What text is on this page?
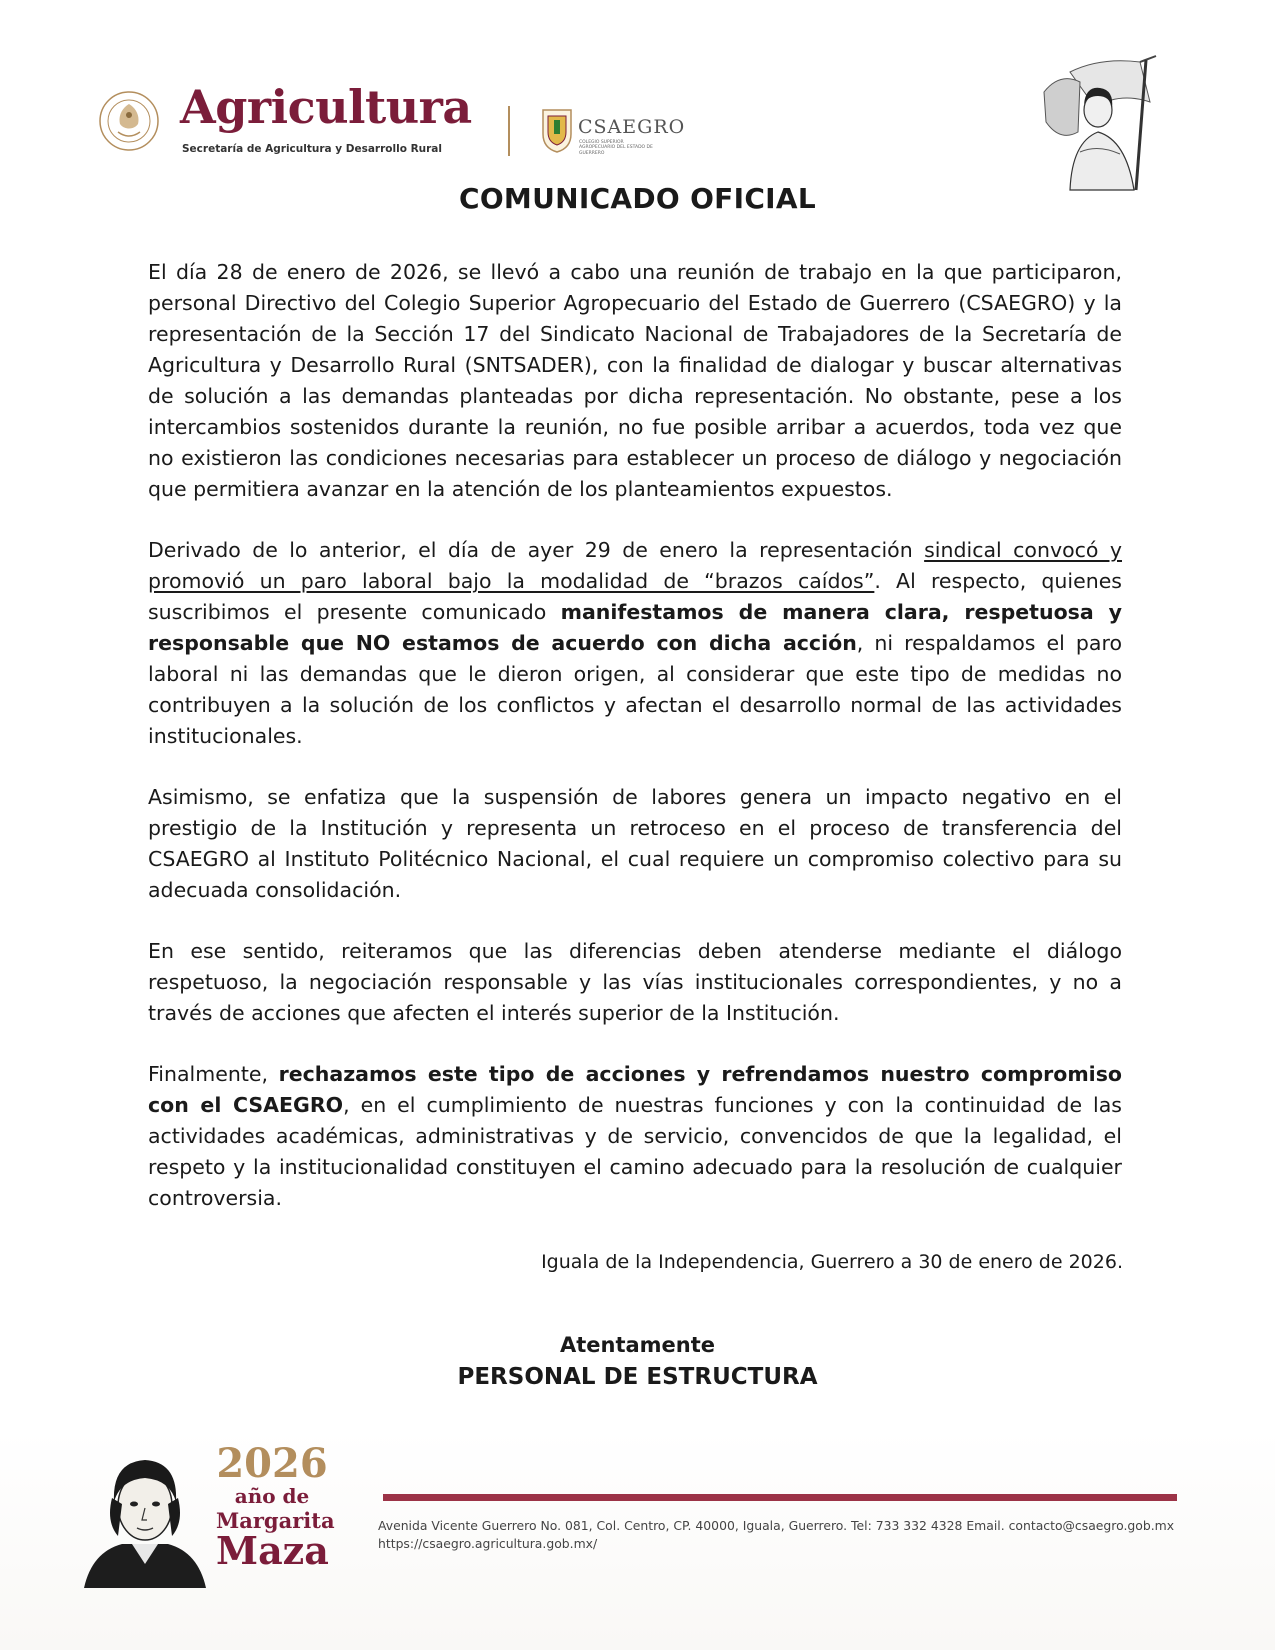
Agricultura
Secretaría de Agricultura y Desarrollo Rural
CSAEGRO
COLEGIO SUPERIOR AGROPECUARIO DEL ESTADO DE GUERRERO
COMUNICADO OFICIAL

El día 28 de enero de 2026, se llevó a cabo una reunión de trabajo en la que participaron, personal Directivo del Colegio Superior Agropecuario del Estado de Guerrero (CSAEGRO) y la representación de la Sección 17 del Sindicato Nacional de Trabajadores de la Secretaría de Agricultura y Desarrollo Rural (SNTSADER), con la finalidad de dialogar y buscar alternativas de solución a las demandas planteadas por dicha representación. No obstante, pese a los intercambios sostenidos durante la reunión, no fue posible arribar a acuerdos, toda vez que no existieron las condiciones necesarias para establecer un proceso de diálogo y negociación que permitiera avanzar en la atención de los planteamientos expuestos.

Derivado de lo anterior, el día de ayer 29 de enero la representación sindical convocó y promovió un paro laboral bajo la modalidad de “brazos caídos”. Al respecto, quienes suscribimos el presente comunicado manifestamos de manera clara, respetuosa y responsable que NO estamos de acuerdo con dicha acción, ni respaldamos el paro laboral ni las demandas que le dieron origen, al considerar que este tipo de medidas no contribuyen a la solución de los conflictos y afectan el desarrollo normal de las actividades institucionales.

Asimismo, se enfatiza que la suspensión de labores genera un impacto negativo en el prestigio de la Institución y representa un retroceso en el proceso de transferencia del CSAEGRO al Instituto Politécnico Nacional, el cual requiere un compromiso colectivo para su adecuada consolidación.

En ese sentido, reiteramos que las diferencias deben atenderse mediante el diálogo respetuoso, la negociación responsable y las vías institucionales correspondientes, y no a través de acciones que afecten el interés superior de la Institución.

Finalmente, rechazamos este tipo de acciones y refrendamos nuestro compromiso con el CSAEGRO, en el cumplimiento de nuestras funciones y con la continuidad de las actividades académicas, administrativas y de servicio, convencidos de que la legalidad, el respeto y la institucionalidad constituyen el camino adecuado para la resolución de cualquier controversia.

Iguala de la Independencia, Guerrero a 30 de enero de 2026.
Atentamente
PERSONAL DE ESTRUCTURA
2026
año de
Margarita
Maza
Avenida Vicente Guerrero No. 081, Col. Centro, CP. 40000, Iguala, Guerrero. Tel: 733 332 4328 Email. contacto@csaegro.gob.mx
https://csaegro.agricultura.gob.mx/
